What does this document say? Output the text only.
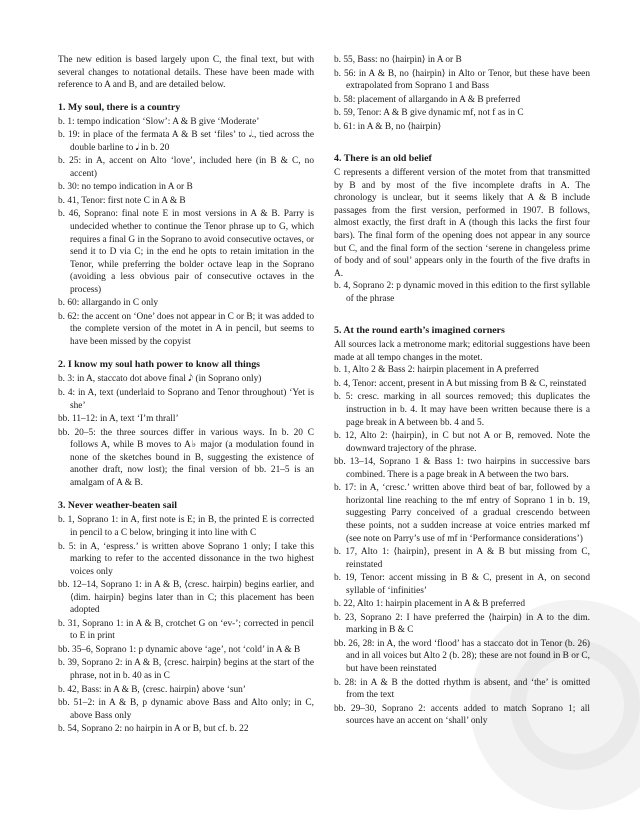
The new edition is based largely upon C, the final text, but with several changes to notational details. These have been made with reference to A and B, and are detailed below.

1. My soul, there is a country

b. 1: tempo indication ‘Slow’: A & B give ‘Moderate’

b. 19: in place of the fermata A & B set ‘files’ to 𝅗𝅥., tied across the double barline to 𝅘𝅥 in b. 20

b. 25: in A, accent on Alto ‘love’, included here (in B & C, no accent)

b. 30: no tempo indication in A or B

b. 41, Tenor: first note C in A & B

b. 46, Soprano: final note E in most versions in A & B. Parry is undecided whether to continue the Tenor phrase up to G, which requires a final G in the Soprano to avoid consecutive octaves, or send it to D via C; in the end he opts to retain imitation in the Tenor, while preferring the bolder octave leap in the Soprano (avoiding a less obvious pair of consecutive octaves in the process)

b. 60: allargando in C only

b. 62: the accent on ‘One’ does not appear in C or B; it was added to the complete version of the motet in A in pencil, but seems to have been missed by the copyist

2. I know my soul hath power to know all things

b. 3: in A, staccato dot above final 𝅘𝅥𝅮 (in Soprano only)

b. 4: in A, text (underlaid to Soprano and Tenor throughout) ‘Yet is she’

bb. 11–12: in A, text ‘I’m thrall’

bb. 20–5: the three sources differ in various ways. In b. 20 C follows A, while B moves to A♭ major (a modulation found in none of the sketches bound in B, suggesting the existence of another draft, now lost); the final version of bb. 21–5 is an amalgam of A & B.

3. Never weather-beaten sail

b. 1, Soprano 1: in A, first note is E; in B, the printed E is corrected in pencil to a C below, bringing it into line with C

b. 5: in A, ‘espress.’ is written above Soprano 1 only; I take this marking to refer to the accented dissonance in the two highest voices only

bb. 12–14, Soprano 1: in A & B, ⟨cresc. hairpin⟩ begins earlier, and ⟨dim. hairpin⟩ begins later than in C; this placement has been adopted

b. 31, Soprano 1: in A & B, crotchet G on ‘ev-’; corrected in pencil to E in print

bb. 35–6, Soprano 1: p dynamic above ‘age’, not ‘cold’ in A & B

b. 39, Soprano 2: in A & B, ⟨cresc. hairpin⟩ begins at the start of the phrase, not in b. 40 as in C

b. 42, Bass: in A & B, ⟨cresc. hairpin⟩ above ‘sun’

bb. 51–2: in A & B, p dynamic above Bass and Alto only; in C, above Bass only

b. 54, Soprano 2: no hairpin in A or B, but cf. b. 22

b. 55, Bass: no ⟨hairpin⟩ in A or B

b. 56: in A & B, no ⟨hairpin⟩ in Alto or Tenor, but these have been extrapolated from Soprano 1 and Bass

b. 58: placement of allargando in A & B preferred

b. 59, Tenor: A & B give dynamic mf, not f as in C

b. 61: in A & B, no ⟨hairpin⟩

4. There is an old belief

C represents a different version of the motet from that transmitted by B and by most of the five incomplete drafts in A. The chronology is unclear, but it seems likely that A & B include passages from the first version, performed in 1907. B follows, almost exactly, the first draft in A (though this lacks the first four bars). The final form of the opening does not appear in any source but C, and the final form of the section ‘serene in changeless prime of body and of soul’ appears only in the fourth of the five drafts in A.

b. 4, Soprano 2: p dynamic moved in this edition to the first syllable of the phrase

5. At the round earth’s imagined corners

All sources lack a metronome mark; editorial suggestions have been made at all tempo changes in the motet.

b. 1, Alto 2 & Bass 2: hairpin placement in A preferred

b. 4, Tenor: accent, present in A but missing from B & C, reinstated

b. 5: cresc. marking in all sources removed; this duplicates the instruction in b. 4. It may have been written because there is a page break in A between bb. 4 and 5.

b. 12, Alto 2: ⟨hairpin⟩, in C but not A or B, removed. Note the downward trajectory of the phrase.

bb. 13–14, Soprano 1 & Bass 1: two hairpins in successive bars combined. There is a page break in A between the two bars.

b. 17: in A, ‘cresc.’ written above third beat of bar, followed by a horizontal line reaching to the mf entry of Soprano 1 in b. 19, suggesting Parry conceived of a gradual crescendo between these points, not a sudden increase at voice entries marked mf (see note on Parry’s use of mf in ‘Performance considerations’)

b. 17, Alto 1: ⟨hairpin⟩, present in A & B but missing from C, reinstated

b. 19, Tenor: accent missing in B & C, present in A, on second syllable of ‘infinities’

b. 22, Alto 1: hairpin placement in A & B preferred

b. 23, Soprano 2: I have preferred the ⟨hairpin⟩ in A to the dim. marking in B & C

bb. 26, 28: in A, the word ‘flood’ has a staccato dot in Tenor (b. 26) and in all voices but Alto 2 (b. 28); these are not found in B or C, but have been reinstated

b. 28: in A & B the dotted rhythm is absent, and ‘the’ is omitted from the text

bb. 29–30, Soprano 2: accents added to match Soprano 1; all sources have an accent on ‘shall’ only
